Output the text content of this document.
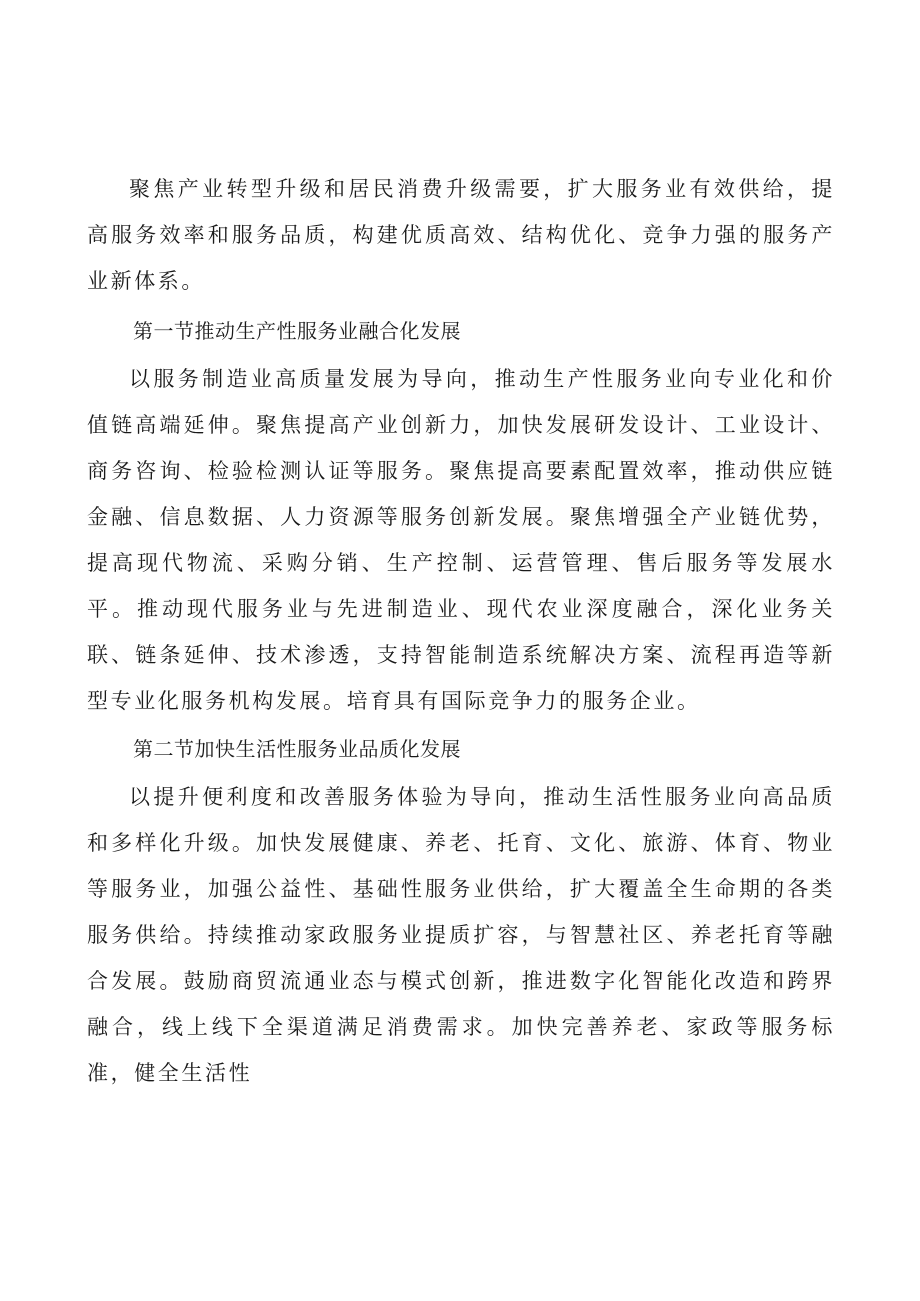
聚焦产业转型升级和居民消费升级需要，扩大服务业有效供给，提高服务效率和服务品质，构建优质高效、结构优化、竞争力强的服务产业新体系。

第一节推动生产性服务业融合化发展

以服务制造业高质量发展为导向，推动生产性服务业向专业化和价值链高端延伸。聚焦提高产业创新力，加快发展研发设计、工业设计、商务咨询、检验检测认证等服务。聚焦提高要素配置效率，推动供应链金融、信息数据、人力资源等服务创新发展。聚焦增强全产业链优势，提高现代物流、采购分销、生产控制、运营管理、售后服务等发展水平。推动现代服务业与先进制造业、现代农业深度融合，深化业务关联、链条延伸、技术渗透，支持智能制造系统解决方案、流程再造等新型专业化服务机构发展。培育具有国际竞争力的服务企业。

第二节加快生活性服务业品质化发展

以提升便利度和改善服务体验为导向，推动生活性服务业向高品质和多样化升级。加快发展健康、养老、托育、文化、旅游、体育、物业等服务业，加强公益性、基础性服务业供给，扩大覆盖全生命期的各类服务供给。持续推动家政服务业提质扩容，与智慧社区、养老托育等融合发展。鼓励商贸流通业态与模式创新，推进数字化智能化改造和跨界融合，线上线下全渠道满足消费需求。加快完善养老、家政等服务标准，健全生活性
